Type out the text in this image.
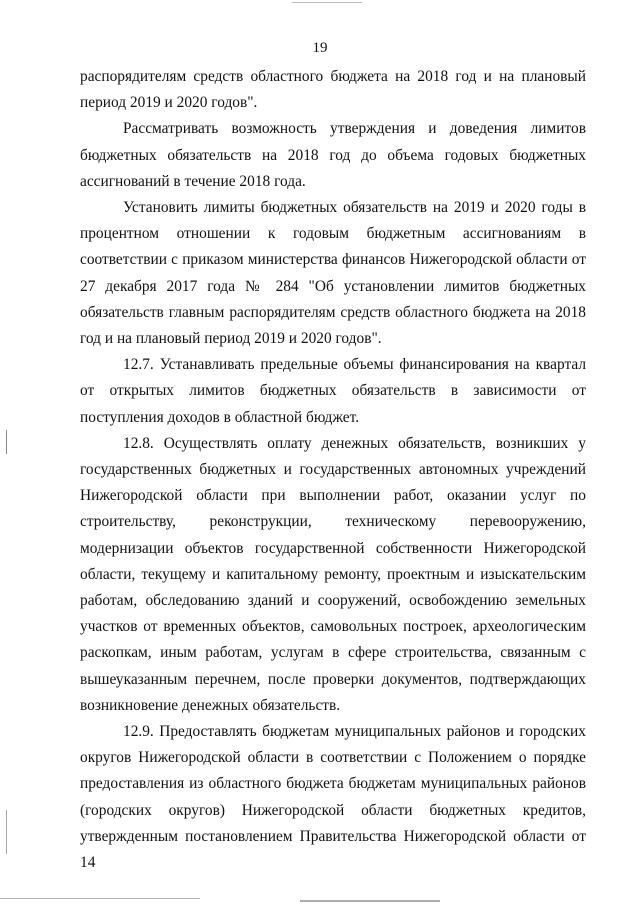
19

распорядителям средств областного бюджета на 2018 год и на плановый период 2019 и 2020 годов".

Рассматривать возможность утверждения и доведения лимитов бюджетных обязательств на 2018 год до объема годовых бюджетных ассигнований в течение 2018 года.

Установить лимиты бюджетных обязательств на 2019 и 2020 годы в процентном отношении к годовым бюджетным ассигнованиям в соответствии с приказом министерства финансов Нижегородской области от 27 декабря 2017 года № 284 "Об установлении лимитов бюджетных обязательств главным распорядителям средств областного бюджета на 2018 год и на плановый период 2019 и 2020 годов".

12.7. Устанавливать предельные объемы финансирования на квартал от открытых лимитов бюджетных обязательств в зависимости от поступления доходов в областной бюджет.

12.8. Осуществлять оплату денежных обязательств, возникших у государственных бюджетных и государственных автономных учреждений Нижегородской области при выполнении работ, оказании услуг по строительству, реконструкции, техническому перевооружению, модернизации объектов государственной собственности Нижегородской области, текущему и капитальному ремонту, проектным и изыскательским работам, обследованию зданий и сооружений, освобождению земельных участков от временных объектов, самовольных построек, археологическим раскопкам, иным работам, услугам в сфере строительства, связанным с вышеуказанным перечнем, после проверки документов, подтверждающих возникновение денежных обязательств.

12.9. Предоставлять бюджетам муниципальных районов и городских округов Нижегородской области в соответствии с Положением о порядке предоставления из областного бюджета бюджетам муниципальных районов (городских округов) Нижегородской области бюджетных кредитов, утвержденным постановлением Правительства Нижегородской области от 14
